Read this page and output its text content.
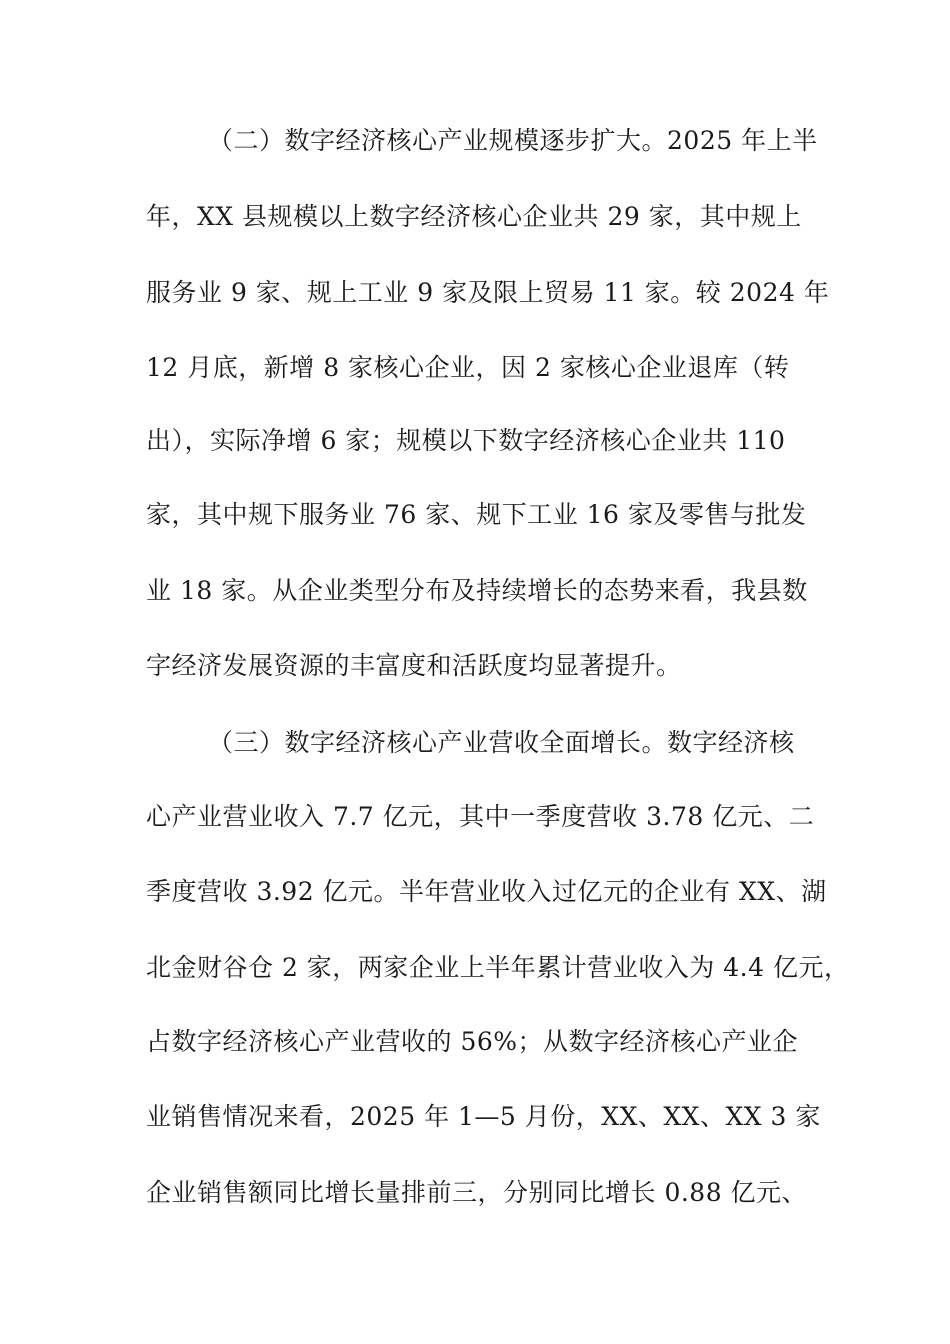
（二）数字经济核心产业规模逐步扩大。2025 年上半
年，XX 县规模以上数字经济核心企业共 29 家，其中规上
服务业 9 家、规上工业 9 家及限上贸易 11 家。较 2024 年
12 月底，新增 8 家核心企业，因 2 家核心企业退库（转
出），实际净增 6 家；规模以下数字经济核心企业共 110
家，其中规下服务业 76 家、规下工业 16 家及零售与批发
业 18 家。从企业类型分布及持续增长的态势来看，我县数
字经济发展资源的丰富度和活跃度均显著提升。
（三）数字经济核心产业营收全面增长。数字经济核
心产业营业收入 7.7 亿元，其中一季度营收 3.78 亿元、二
季度营收 3.92 亿元。半年营业收入过亿元的企业有 XX、湖
北金财谷仓 2 家，两家企业上半年累计营业收入为 4.4 亿元，
占数字经济核心产业营收的 56%；从数字经济核心产业企
业销售情况来看，2025 年 1—5 月份，XX、XX、XX 3 家
企业销售额同比增长量排前三，分别同比增长 0.88 亿元、
